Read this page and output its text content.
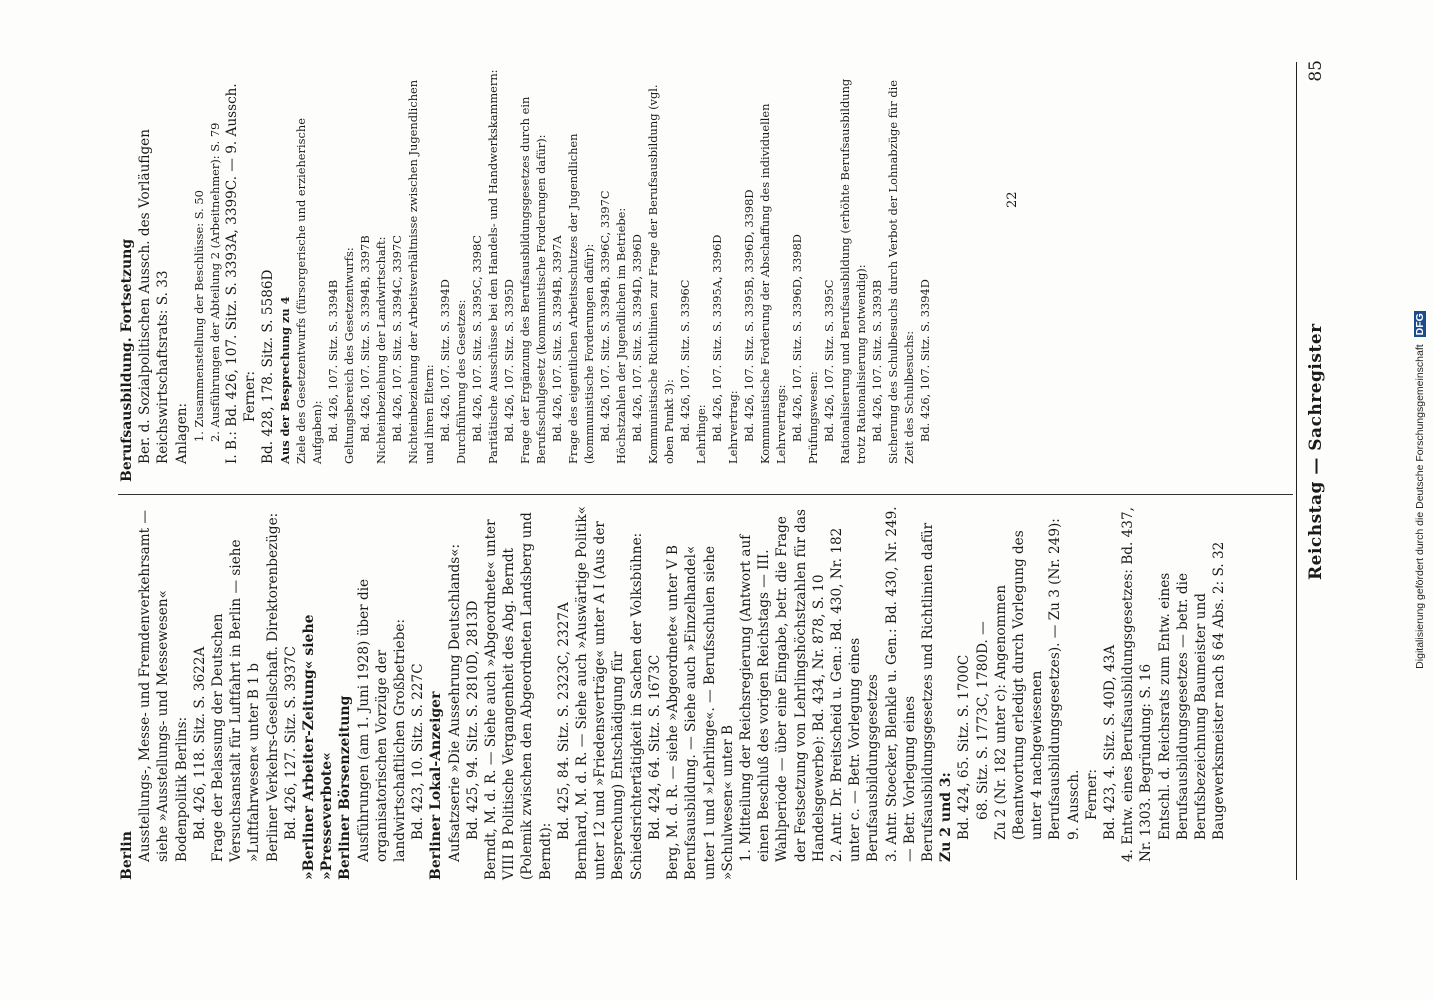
Reichstag — Sachregister
85
Berlin Ausstellungs-, Messe- und Fremdenverkehrsamt — siehe »Ausstellungs- und Messewesen« Bodenpolitik Berlins: Bd. 426, 118. Sitz. S. 3622A Frage der Belassung der Deutschen Versuchsanstalt für Luftfahrt in Berlin — siehe »Luftfahrwesen« unter B 1 b Berliner Verkehrs-Gesellschaft. Direktorenbezüge: Bd. 426, 127. Sitz. S. 3937C »Berliner Arbeiter-Zeitung« siehe »Presseverbote« Berliner Börsenzeitung Ausführungen (am 1. Juni 1928) über die organisatorischen Vorzüge der landwirtschaftlichen Großbetriebe: Bd. 423, 10. Sitz. S. 227C Berliner Lokal-Anzeiger Aufsatzserie »Die Aussehrung Deutschlands«: Bd. 425, 94. Sitz. S. 2810D, 2813D Berndt, M. d. R. — Siehe auch »Abgeordnete« unter VIII B Politische Vergangenheit des Abg. Berndt (Polemik zwischen den Abgeordneten Landsberg und Berndt):
Bd. 425, 84. Sitz. S. 2323C, 2327A Bernhard, M. d. R. — Siehe auch »Auswärtige Politik« unter 12 und »Friedensverträge« unter A I (Aus der Besprechung) Entschädigung für Schiedsrichtertätigkeit in Sachen der Volksbühne: Bd. 424, 64. Sitz. S. 1673C Berg, M. d. R. — siehe »Abgeordnete« unter V B Berufsausbildung. — Siehe auch »Einzelhandel« unter 1 und »Lehrlinge«. — Berufsschulen siehe »Schulwesen« unter B 1. Mitteilung der Reichsregierung (Antwort auf einen Beschluß des vorigen Reichstags — III. Wahlperiode — über eine Eingabe, betr. die Frage der Festsetzung von Lehrlingshöchstzahlen für das Handelsgewerbe): Bd. 434, Nr. 878, S. 10 2. Antr. Dr. Breitscheid u. Gen.: Bd. 430, Nr. 182 unter c. — Betr. Vorlegung eines Berufsausbildungsgesetzes 3. Antr. Stoecker, Blenkle u. Gen.: Bd. 430, Nr. 249. — Betr. Vorlegung eines Berufsausbildungsgesetzes und Richtlinien dafür Zu 2 und 3: Bd. 424, 65. Sitz. S. 1700C 68. Sitz. S. 1773C, 1780D. — Zu 2 (Nr. 182 unter c): Angenommen (Beantwortung erledigt durch Vorlegung des unter 4 nachgewiesenen Berufsausbildungsgesetzes). — Zu 3 (Nr. 249): 9. Aussch. Ferner: Bd. 423, 4. Sitz. S. 40D, 43A 4. Entw. eines Berufsausbildungsgesetzes: Bd. 437, Nr. 1303. Begründung: S. 16 Entschl. d. Reichsrats zum Entw. eines Berufsausbildungsgesetzes — betr. die Berufsbezeichnung Baumeister und Baugewerksmeister nach § 64 Abs. 2: S. 32
Berufsausbildung. Fortsetzung Ber. d. Sozialpolitischen Aussch. des Vorläufigen Reichswirtschaftsrats: S. 33 Anlagen: 1. Zusammenstellung der Beschlüsse: S. 50 2. Ausführungen der Abteilung 2 (Arbeitnehmer): S. 79 I. B.: Bd. 426, 107. Sitz. S. 3393A, 3399C. — 9. Aussch. Ferner: Bd. 428, 178. Sitz. S. 5586D Aus der Besprechung zu 4 Ziele des Gesetzentwurfs (fürsorgerische und erzieherische Aufgaben): Bd. 426, 107. Sitz. S. 3394B Geltungsbereich des Gesetzentwurfs: Bd. 426, 107. Sitz. S. 3394B, 3397B Nichteinbeziehung der Landwirtschaft: Bd. 426, 107. Sitz. S. 3394C, 3397C Nichteinbeziehung der Arbeitsverhältnisse zwischen Jugendlichen und ihren Eltern: Bd. 426, 107. Sitz. S. 3394D Durchführung des Gesetzes: Bd. 426, 107. Sitz. S. 3395C, 3398C Paritätische Ausschüsse bei den Handels- und Handwerkskammern: Bd. 426, 107. Sitz. S. 3395D Frage der Ergänzung des Berufsausbildungsgesetzes durch ein Berufsschulgesetz (kommunistische Forderungen dafür): Bd. 426, 107. Sitz. S. 3394B, 3397A Frage des eigentlichen Arbeitsschutzes der Jugendlichen (kommunistische Forderungen dafür): Bd. 426, 107. Sitz. S. 3394B, 3396C, 3397C Höchstzahlen der Jugendlichen im Betriebe: Bd. 426, 107. Sitz. S. 3394D, 3396D Kommunistische Richtlinien zur Frage der Berufsausbildung (vgl. oben Punkt 3): Bd. 426, 107. Sitz. S. 3396C Lehrlinge: Bd. 426, 107. Sitz. S. 3395A, 3396D Lehrvertrag: Bd. 426, 107. Sitz. S. 3395B, 3396D, 3398D Kommunistische Forderung der Abschaffung des individuellen Lehrvertrags: Bd. 426, 107. Sitz. S. 3396D, 3398D Prüfungswesen: Bd. 426, 107. Sitz. S. 3395C Rationalisierung und Berufsausbildung (erhöhte Berufsausbildung trotz Rationalisierung notwendig): Bd. 426, 107. Sitz. S. 3393B Sicherung des Schulbesuchs durch Verbot der Lohnabzüge für die Zeit des Schulbesuchs: Bd. 426, 107. Sitz. S. 3394D
22
Digitalisierung gefördert durch die Deutsche Forschungsgemeinschaft DFG
